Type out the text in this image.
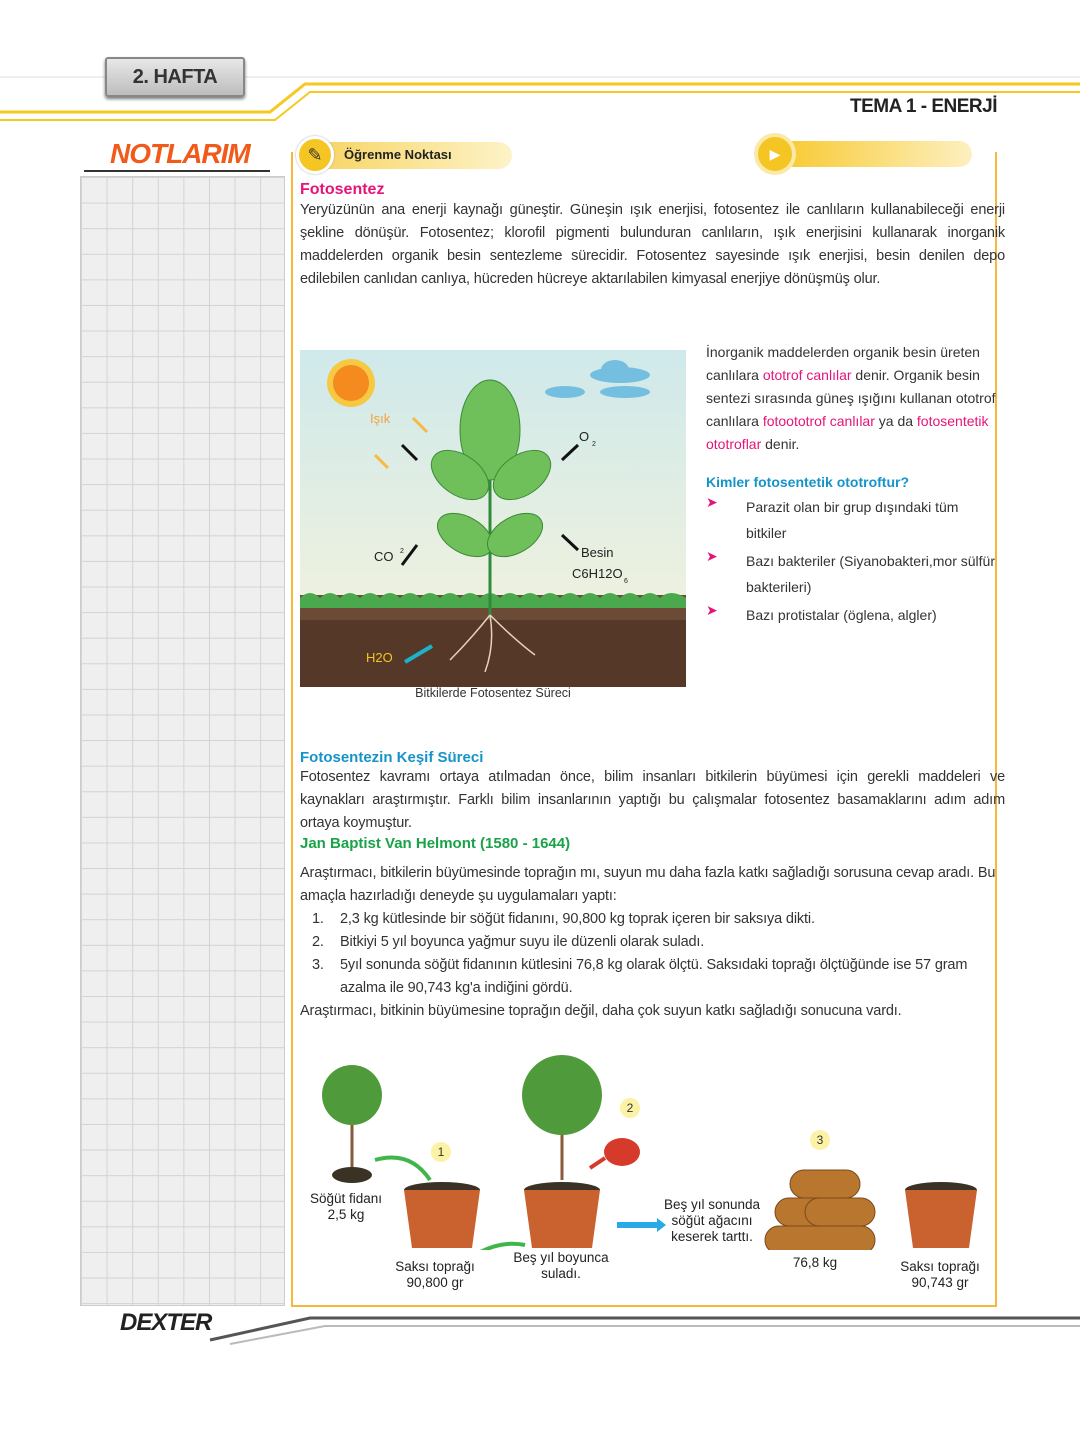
2. HAFTA
TEMA 1 - ENERJİ
NOTLARIM
DEXTER
Öğrenme Noktası
✎	▶
Fotosentez

Yeryüzünün ana enerji kaynağı güneştir. Güneşin ışık enerjisi, fotosentez ile canlıların kullanabileceği enerji şekline dönüşür. Fotosentez; klorofil pigmenti bulunduran canlıların, ışık enerjisini kullanarak inorganik maddelerden organik besin sentezleme sürecidir. Fotosentez sayesinde ışık enerjisi, besin denilen depo edilebilen canlıdan canlıya, hücreden hücreye aktarılabilen kimyasal enerjiye dönüşmüş olur.

Işık
O
2
CO 2	Besin
C6H12O
6
H2O
Bitkilerde Fotosentez Süreci
İnorganik maddelerden organik besin üreten canlılara ototrof canlılar denir. Organik besin sentezi sırasında güneş ışığını kullanan ototrof canlılara fotoototrof canlılar ya da fotosentetik ototroflar denir.
Kimler fotosentetik ototroftur?
➤	Parazit olan bir grup dışındaki tüm bitkiler
➤	Bazı bakteriler (Siyanobakteri,mor sülfür bakterileri)
➤	Bazı protistalar (öglena, algler)
Fotosentezin Keşif Süreci

Fotosentez kavramı ortaya atılmadan önce, bilim insanları bitkilerin büyümesi için gerekli maddeleri ve kaynakları araştırmıştır. Farklı bilim insanlarının yaptığı bu çalışmalar fotosentez basamaklarını adım adım ortaya koymuştur.

Jan Baptist Van Helmont (1580 - 1644)

Araştırmacı, bitkilerin büyümesinde toprağın mı, suyun mu daha fazla katkı sağladığı sorusuna cevap aradı. Bu amaçla hazırladığı deneyde şu uygulamaları yaptı:

1.	2,3 kg kütlesinde bir söğüt fidanını, 90,800 kg toprak içeren bir saksıya dikti.

2.	Bitkiyi 5 yıl boyunca yağmur suyu ile düzenli olarak suladı.

3.	5yıl sonunda söğüt fidanının kütlesini 76,8 kg olarak ölçtü. Saksıdaki toprağı ölçtüğünde ise 57 gram azalma ile 90,743 kg'a indiğini gördü.

Araştırmacı, bitkinin büyümesine toprağın değil, daha çok suyun katkı sağladığı sonucuna vardı.

1
2
3
Söğüt fidanı
2,5 kg
Saksı toprağı
90,800 gr
Beş yıl boyunca suladı.
Beş yıl sonunda söğüt ağacını keserek tarttı.
76,8 kg	Saksı toprağı
90,743 gr
